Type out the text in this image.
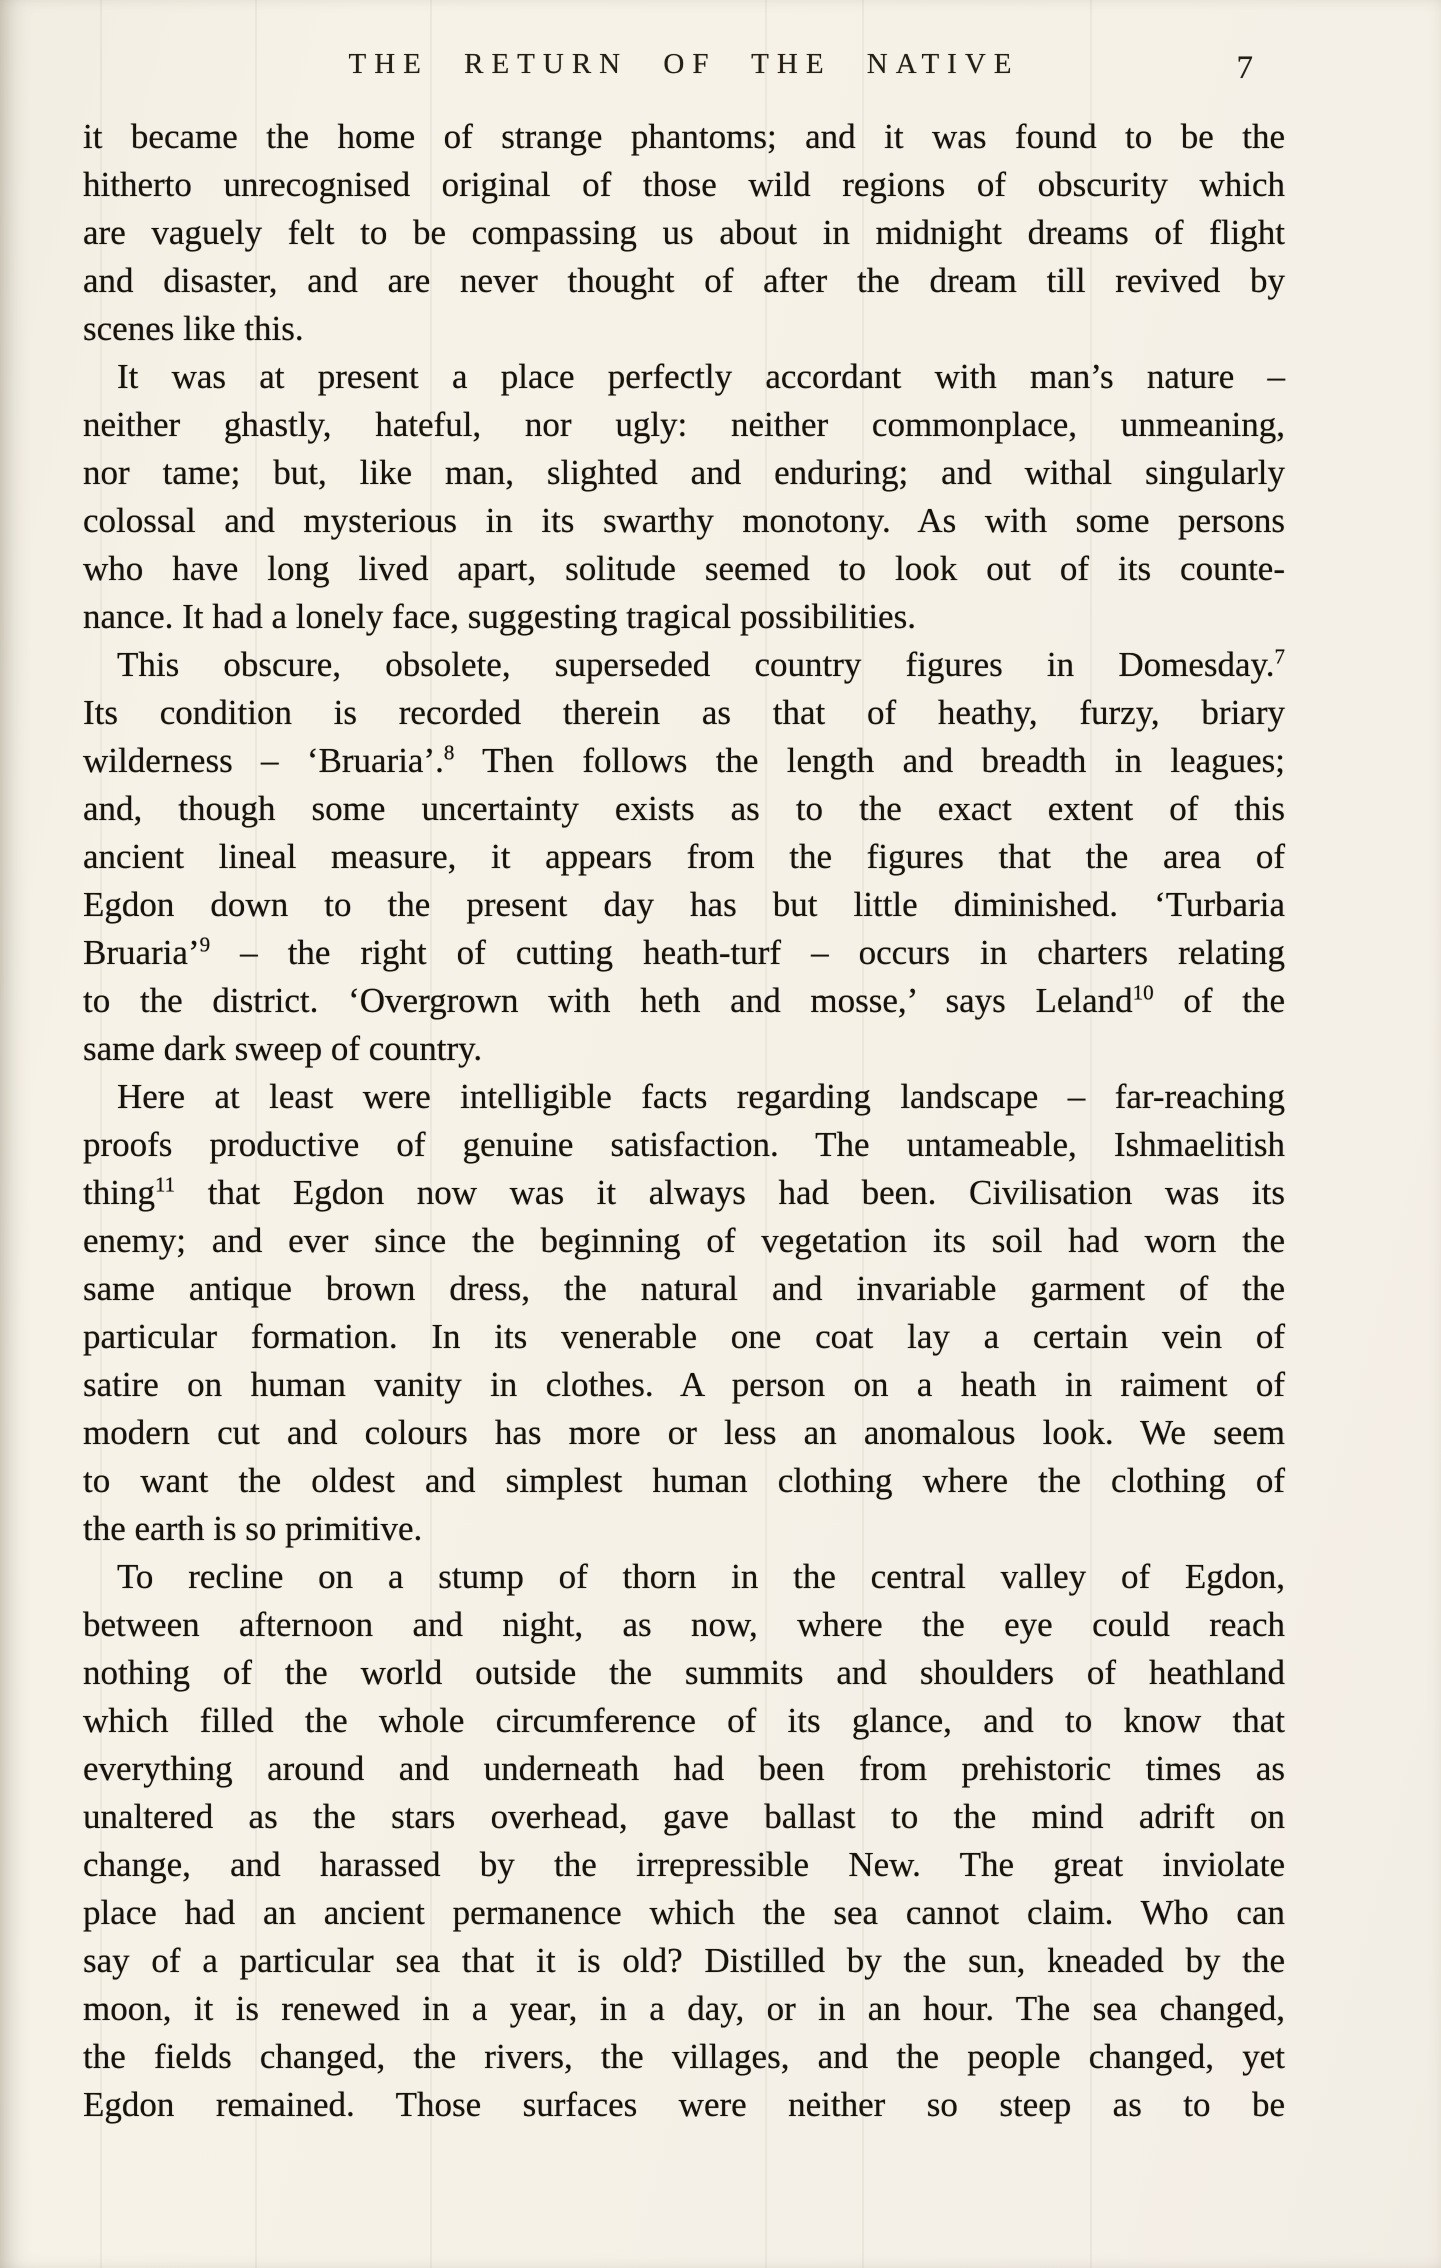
THE RETURN OF THE NATIVE	7
it became the home of strange phantoms; and it was found to be the
hitherto unrecognised original of those wild regions of obscurity which
are vaguely felt to be compassing us about in midnight dreams of flight
and disaster, and are never thought of after the dream till revived by
scenes like this.
It was at present a place perfectly accordant with man’s nature –
neither ghastly, hateful, nor ugly: neither commonplace, unmeaning,
nor tame; but, like man, slighted and enduring; and withal singularly
colossal and mysterious in its swarthy monotony. As with some persons
who have long lived apart, solitude seemed to look out of its counte-
nance. It had a lonely face, suggesting tragical possibilities.
This obscure, obsolete, superseded country figures in Domesday.$^7$
Its condition is recorded therein as that of heathy, furzy, briary
wilderness – ‘Bruaria’.$^8$ Then follows the length and breadth in leagues;
and, though some uncertainty exists as to the exact extent of this
ancient lineal measure, it appears from the figures that the area of
Egdon down to the present day has but little diminished. ‘Turbaria
Bruaria’$^9$ – the right of cutting heath-turf – occurs in charters relating
to the district. ‘Overgrown with heth and mosse,’ says Leland$^{10}$ of the
same dark sweep of country.
Here at least were intelligible facts regarding landscape – far-reaching
proofs productive of genuine satisfaction. The untameable, Ishmaelitish
thing$^{11}$ that Egdon now was it always had been. Civilisation was its
enemy; and ever since the beginning of vegetation its soil had worn the
same antique brown dress, the natural and invariable garment of the
particular formation. In its venerable one coat lay a certain vein of
satire on human vanity in clothes. A person on a heath in raiment of
modern cut and colours has more or less an anomalous look. We seem
to want the oldest and simplest human clothing where the clothing of
the earth is so primitive.
To recline on a stump of thorn in the central valley of Egdon,
between afternoon and night, as now, where the eye could reach
nothing of the world outside the summits and shoulders of heathland
which filled the whole circumference of its glance, and to know that
everything around and underneath had been from prehistoric times as
unaltered as the stars overhead, gave ballast to the mind adrift on
change, and harassed by the irrepressible New. The great inviolate
place had an ancient permanence which the sea cannot claim. Who can
say of a particular sea that it is old? Distilled by the sun, kneaded by the
moon, it is renewed in a year, in a day, or in an hour. The sea changed,
the fields changed, the rivers, the villages, and the people changed, yet
Egdon remained. Those surfaces were neither so steep as to be
